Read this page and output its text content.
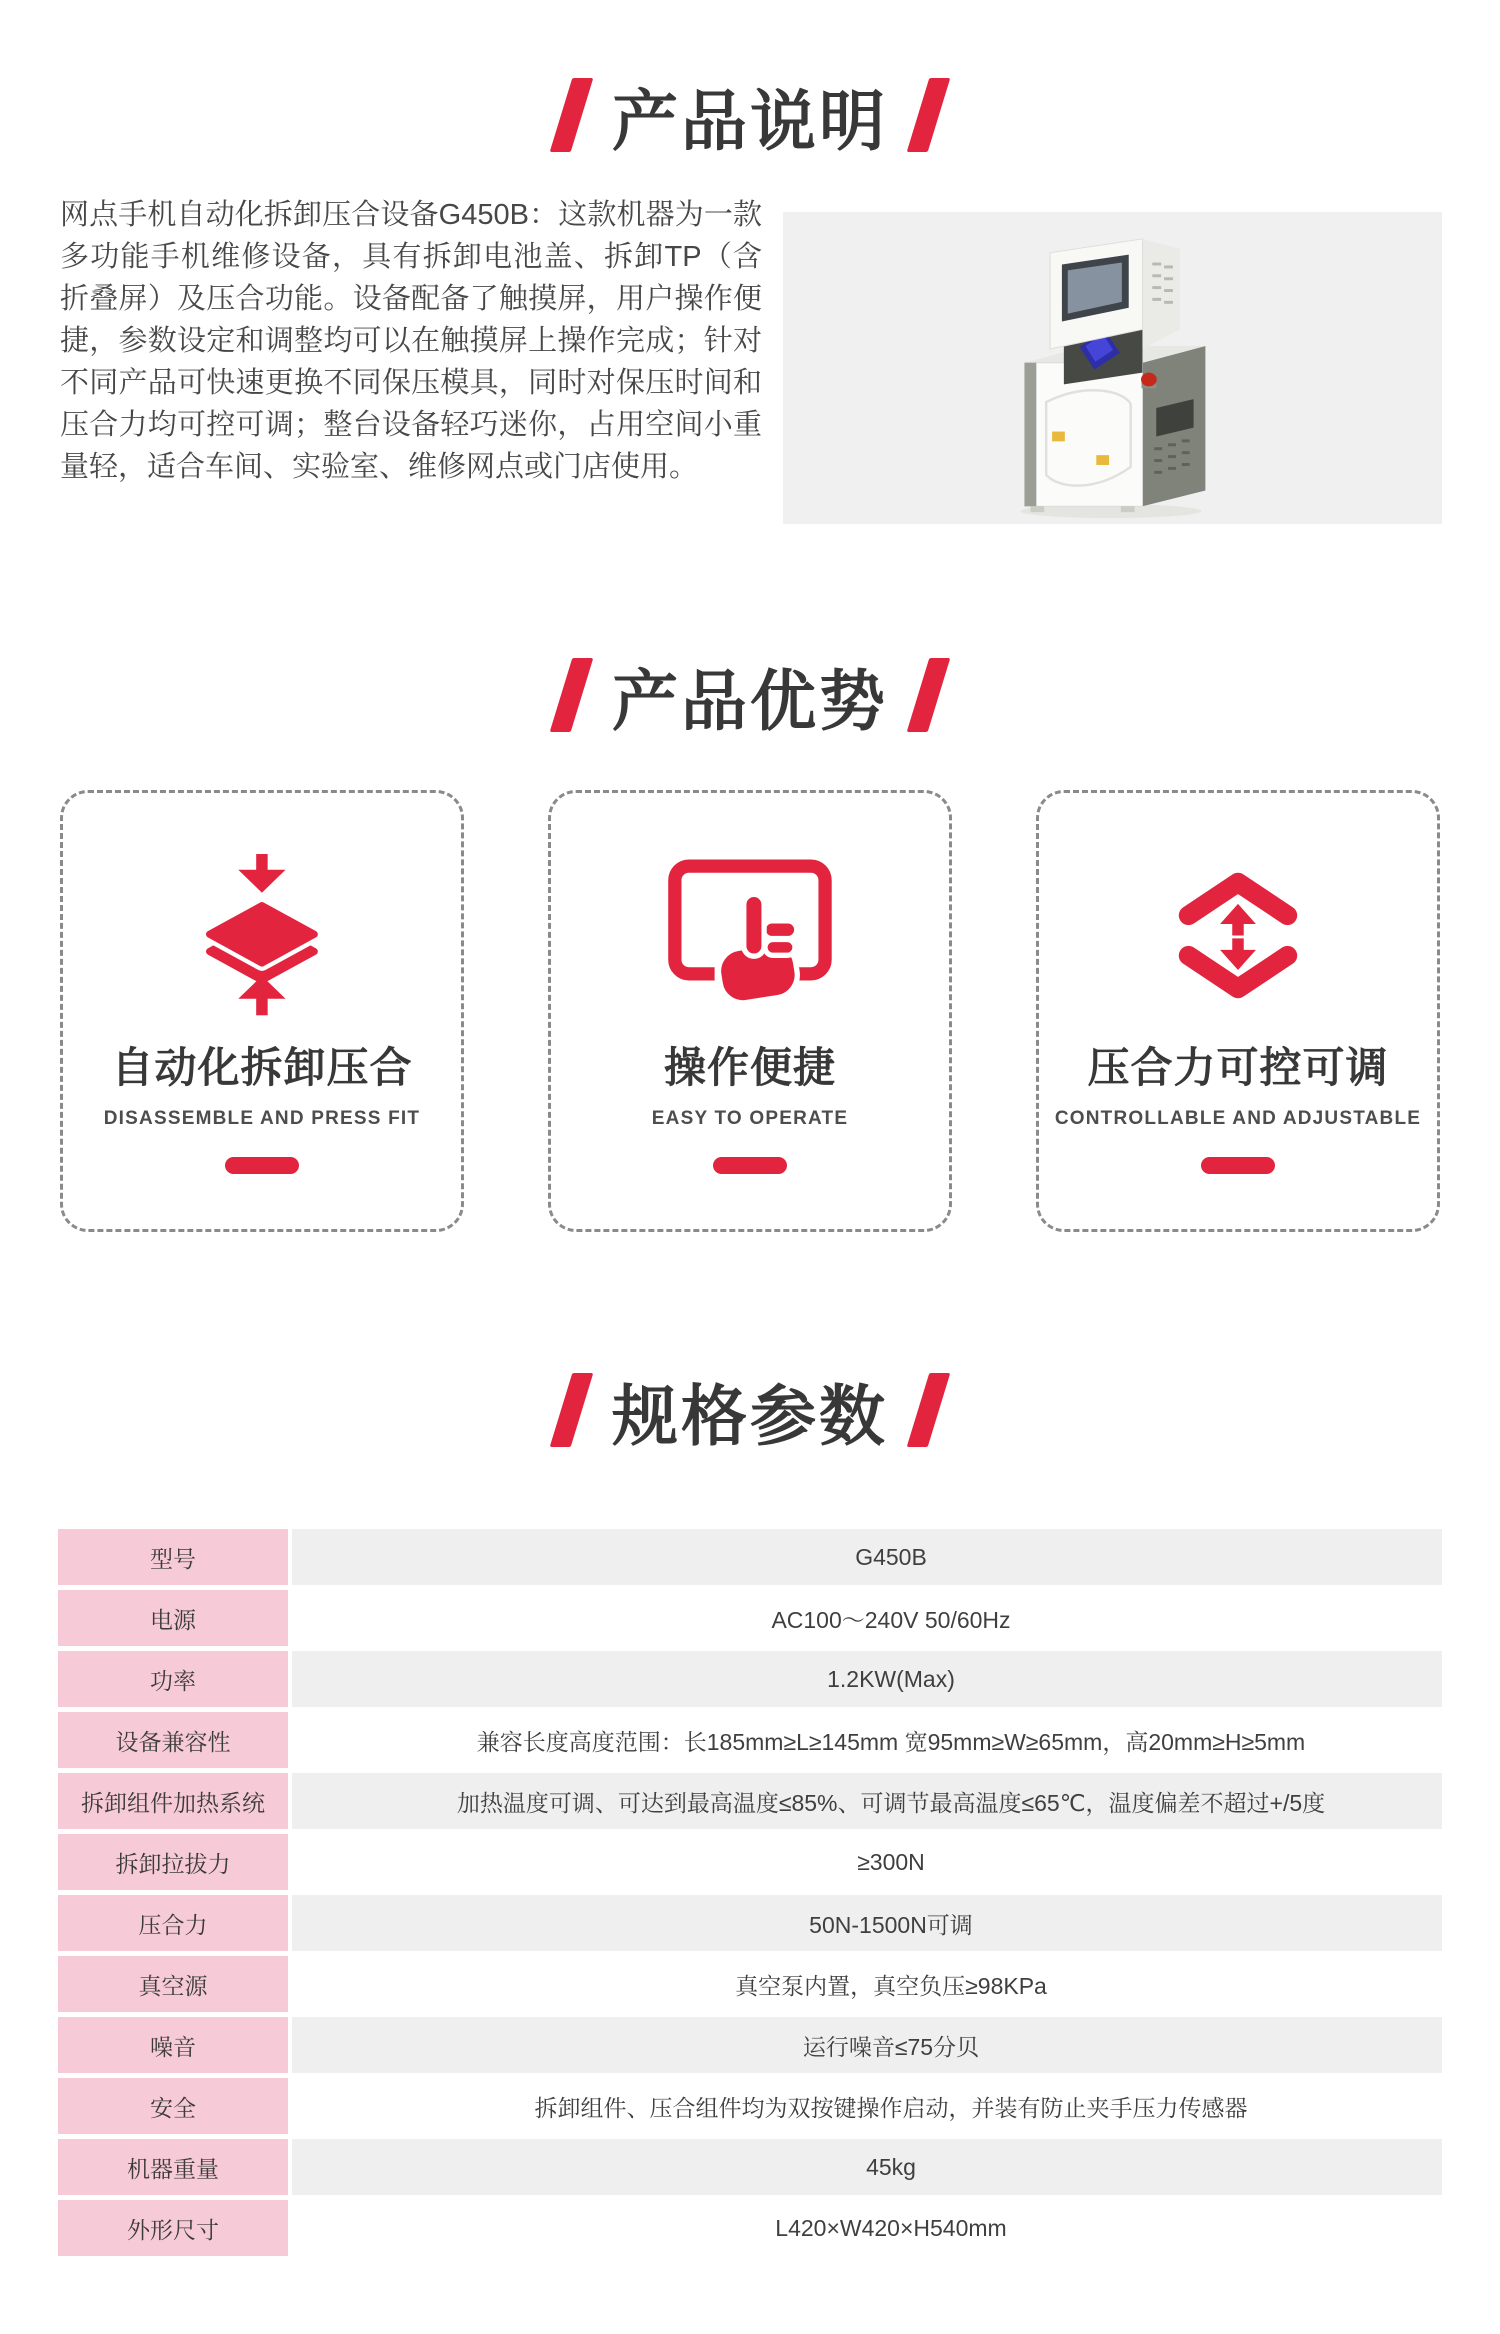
产品说明

网点手机自动化拆卸压合设备G450B：这款机器为一款多功能手机维修设备，具有拆卸电池盖、拆卸TP（含折叠屏）及压合功能。设备配备了触摸屏，用户操作便捷，参数设定和调整均可以在触摸屏上操作完成；针对不同产品可快速更换不同保压模具，同时对保压时间和压合力均可控可调；整台设备轻巧迷你，占用空间小重量轻，适合车间、实验室、维修网点或门店使用。

产品优势
自动化拆卸压合
DISASSEMBLE AND PRESS FIT
操作便捷
EASY TO OPERATE
压合力可控可调
CONTROLLABLE AND ADJUSTABLE
规格参数
型号	G450B
电源	AC100～240V 50/60Hz
功率	1.2KW(Max)
设备兼容性	兼容长度高度范围：长185mm≥L≥145mm 宽95mm≥W≥65mm，高20mm≥H≥5mm
拆卸组件加热系统	加热温度可调、可达到最高温度≤85%、可调节最高温度≤65℃，温度偏差不超过+/5度
拆卸拉拔力	≥300N
压合力	50N-1500N可调
真空源	真空泵内置，真空负压≥98KPa
噪音	运行噪音≤75分贝
安全	拆卸组件、压合组件均为双按键操作启动，并装有防止夹手压力传感器
机器重量	45kg
外形尺寸	L420×W420×H540mm
